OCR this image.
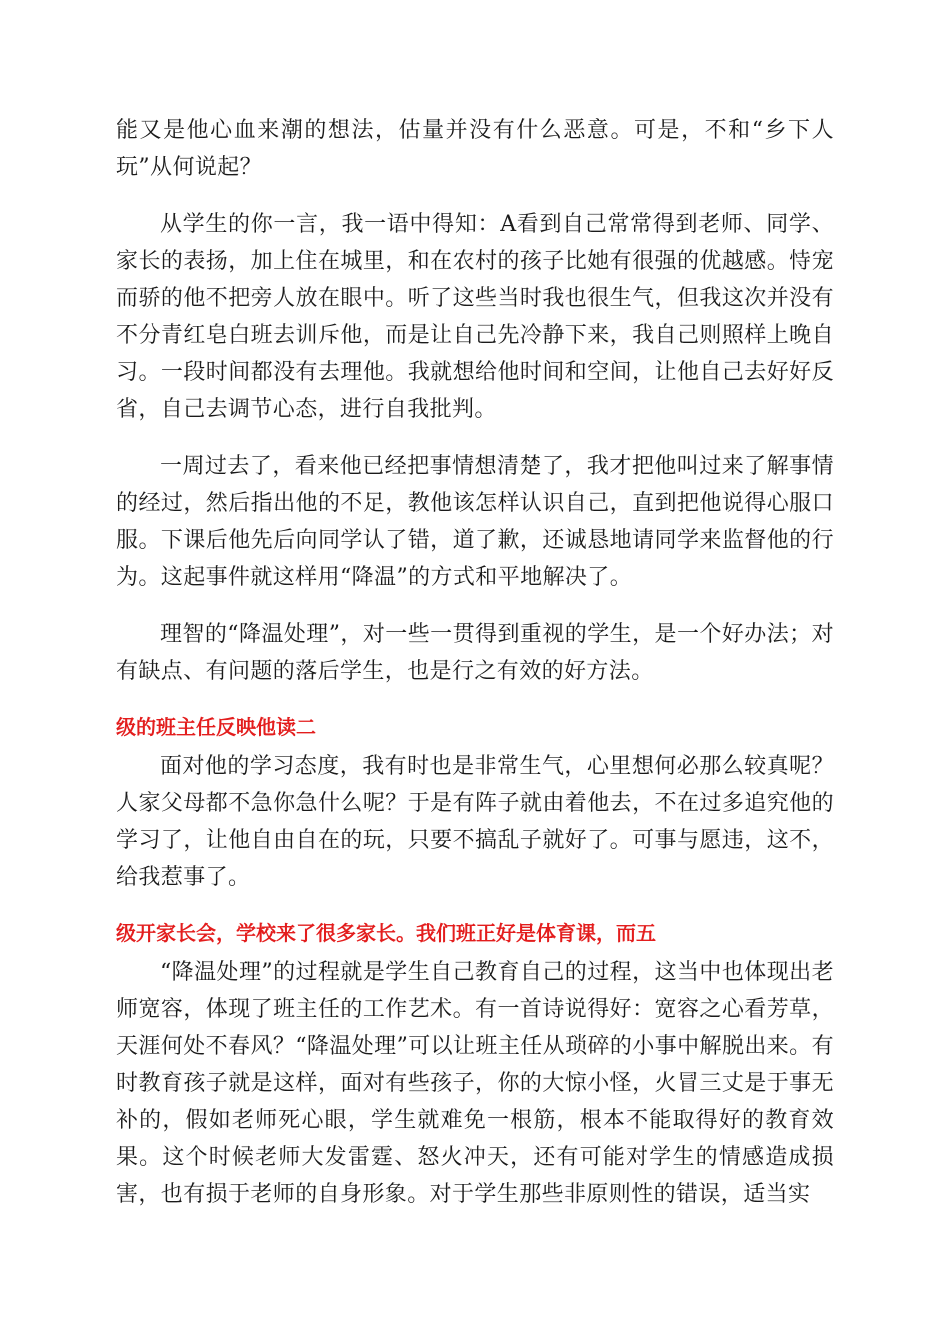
能又是他心血来潮的想法，估量并没有什么恶意。可是，不和“乡下人玩”从何说起？

从学生的你一言，我一语中得知：A看到自己常常得到老师、同学、家长的表扬，加上住在城里，和在农村的孩子比她有很强的优越感。恃宠而骄的他不把旁人放在眼中。听了这些当时我也很生气，但我这次并没有不分青红皂白班去训斥他，而是让自己先冷静下来，我自己则照样上晚自习。一段时间都没有去理他。我就想给他时间和空间，让他自己去好好反省，自己去调节心态，进行自我批判。

一周过去了，看来他已经把事情想清楚了，我才把他叫过来了解事情的经过，然后指出他的不足，教他该怎样认识自己，直到把他说得心服口服。下课后他先后向同学认了错，道了歉，还诚恳地请同学来监督他的行为。这起事件就这样用“降温”的方式和平地解决了。

理智的“降温处理”，对一些一贯得到重视的学生，是一个好办法；对有缺点、有问题的落后学生，也是行之有效的好方法。

级的班主任反映他读二

面对他的学习态度，我有时也是非常生气，心里想何必那么较真呢？人家父母都不急你急什么呢？于是有阵子就由着他去，不在过多追究他的学习了，让他自由自在的玩，只要不搞乱子就好了。可事与愿违，这不，给我惹事了。

级开家长会，学校来了很多家长。我们班正好是体育课，而五

“降温处理”的过程就是学生自己教育自己的过程，这当中也体现出老师宽容，体现了班主任的工作艺术。有一首诗说得好：宽容之心看芳草，天涯何处不春风？“降温处理”可以让班主任从琐碎的小事中解脱出来。有时教育孩子就是这样，面对有些孩子，你的大惊小怪，火冒三丈是于事无补的，假如老师死心眼，学生就难免一根筋，根本不能取得好的教育效果。这个时候老师大发雷霆、怒火冲天，还有可能对学生的情感造成损害，也有损于老师的自身形象。对于学生那些非原则性的错误，适当实
